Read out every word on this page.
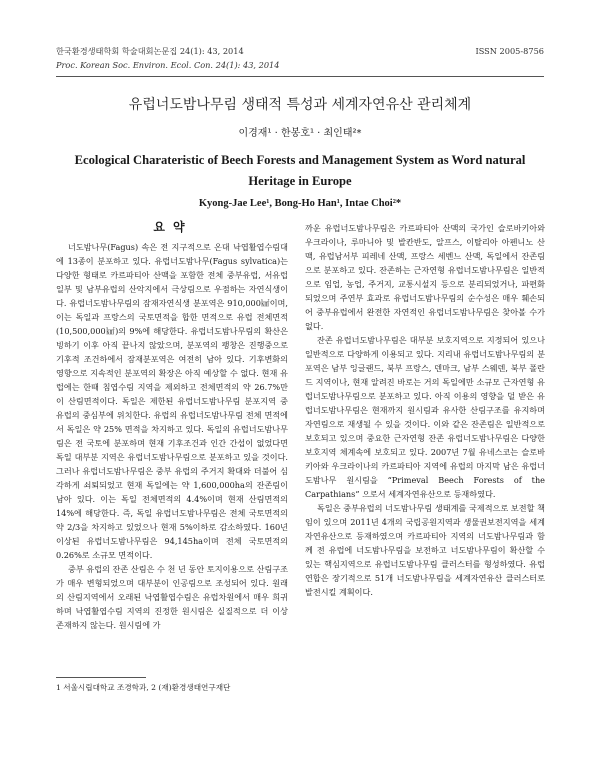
한국환경생태학회 학술대회논문집 24(1): 43, 2014
Proc. Korean Soc. Environ. Ecol. Con. 24(1): 43, 2014
ISSN 2005-8756
유럽너도밤나무림 생태적 특성과 세계자연유산 관리체계
이경재¹ · 한봉호¹ · 최인태²*
Ecological Charateristic of Beech Forests and Management System as Word natural Heritage in Europe
Kyong-Jae Lee¹, Bong-Ho Han¹, Intae Choi²*
요약

너도밤나무(Fagus) 속은 전 지구적으로 온대 낙엽활엽수림대에 13종이 분포하고 있다. 유럽너도밤나무(Fagus sylvatica)는 다양한 형태로 카르파티아 산맥을 포함한 전체 중부유럽, 서유럽 일부 및 남부유럽의 산악지에서 극상림으로 우점하는 자연식생이다. 유럽너도밤나무림의 잠재자연식생 분포역은 910,000㎢이며, 이는 독일과 프랑스의 국토면적을 합한 면적으로 유럽 전체면적(10,500,000㎢)의 9%에 해당한다. 유럽너도밤나무림의 확산은 빙하기 이후 아직 끝나지 않았으며, 분포역의 팽창은 진행중으로 기후적 조건하에서 잠재분포역은 여전히 남아 있다. 기후변화의 영향으로 지속적인 분포역의 확장은 아직 예상할 수 없다. 현재 유럽에는 한때 침엽수림 지역을 제외하고 전체면적의 약 26.7%만이 산림면적이다. 독일은 제한된 유럽너도밤나무림 분포지역 중 유럽의 중심부에 위치한다. 유럽의 유럽너도밤나무림 전체 면적에서 독일은 약 25% 면적을 차지하고 있다. 독일의 유럽너도밤나무림은 전 국토에 분포하며 현재 기후조건과 인간 간섭이 없었다면 독일 대부분 지역은 유럽너도밤나무림으로 분포하고 있을 것이다. 그러나 유럽너도밤나무림은 중부 유럽의 주거지 확대와 더불어 심각하게 쇠퇴되었고 현재 독일에는 약 1,600,000ha의 잔존림이 남아 있다. 이는 독일 전체면적의 4.4%이며 현재 산림면적의 14%에 해당한다. 즉, 독일 유럽너도밤나무림은 전체 국토면적의 약 2/3을 차지하고 있었으나 현재 5%이하로 감소하였다. 160년 이상된 유럽너도밤나무림은 94,145ha이며 전체 국토면적의 0.26%로 소규모 면적이다.

중부 유럽의 잔존 산림은 수 천 년 동안 토지이용으로 산림구조가 매우 변형되었으며 대부분이 인공림으로 조성되어 있다. 원래의 산림지역에서 오래된 낙엽활엽수림은 유럽차원에서 매우 희귀하며 낙엽활엽수림 지역의 진정한 원시림은 실질적으로 더 이상 존재하지 않는다. 원시림에 가

까운 유럽너도밤나무림은 카르파티아 산맥의 국가인 슬로바키아와 우크라이나, 루마니아 및 발칸반도, 알프스, 이탈리아 아펜니노 산맥, 유럽남서부 피레네 산맥, 프랑스 세벤느 산맥, 독일에서 잔존림으로 분포하고 있다. 잔존하는 근자연형 유럽너도밤나무림은 일반적으로 임업, 농업, 주거지, 교통시설지 등으로 분리되었거나, 파편화되었으며 주연부 효과로 유럽너도밤나무림의 순수성은 매우 훼손되어 중부유럽에서 완전한 자연적인 유럽너도밤나무림은 찾아볼 수가 없다.

잔존 유럽너도밤나무림은 대부분 보호지역으로 지정되어 있으나 일반적으로 다양하게 이용되고 있다. 지리내 유럽너도밤나무림의 분포역은 남부 잉글랜드, 북부 프랑스, 덴마크, 남부 스웨덴, 북부 폴란드 지역이나, 현재 알려진 바로는 거의 독일에만 소규모 근자연형 유럽너도밤나무림으로 분포하고 있다. 아직 이용의 영향을 덜 받은 유럽너도밤나무림은 현재까지 원시림과 유사한 산림구조를 유지하며 자연림으로 재생될 수 있을 것이다. 이와 같은 잔존림은 일반적으로 보호되고 있으며 중요한 근자연형 잔존 유럽너도밤나무림은 다양한 보호지역 체계속에 보호되고 있다. 2007년 7월 유네스코는 슬로바키아와 우크라이나의 카르파티아 지역에 유럽의 마지막 남은 유럽너도밤나무 원시림을 “Primeval Beech Forests of the Carpathians” 으로서 세계자연유산으로 등재하였다.

독일은 중부유럽의 너도밤나무림 생태계를 국제적으로 보전할 책임이 있으며 2011년 4개의 국립공원지역과 생물권보전지역을 세계자연유산으로 등재하였으며 카르파티아 지역의 너도밤나무림과 함께 전 유럽에 너도밤나무림을 보전하고 너도밤나무림이 확산할 수 있는 핵심지역으로 유럽너도밤나무림 클러스터를 형성하였다. 유럽연합은 장기적으로 51개 너도밤나무림을 세계자연유산 클러스터로 발전시킬 계획이다.

1 서울시립대학교 조경학과, 2 (재)환경생태연구재단
